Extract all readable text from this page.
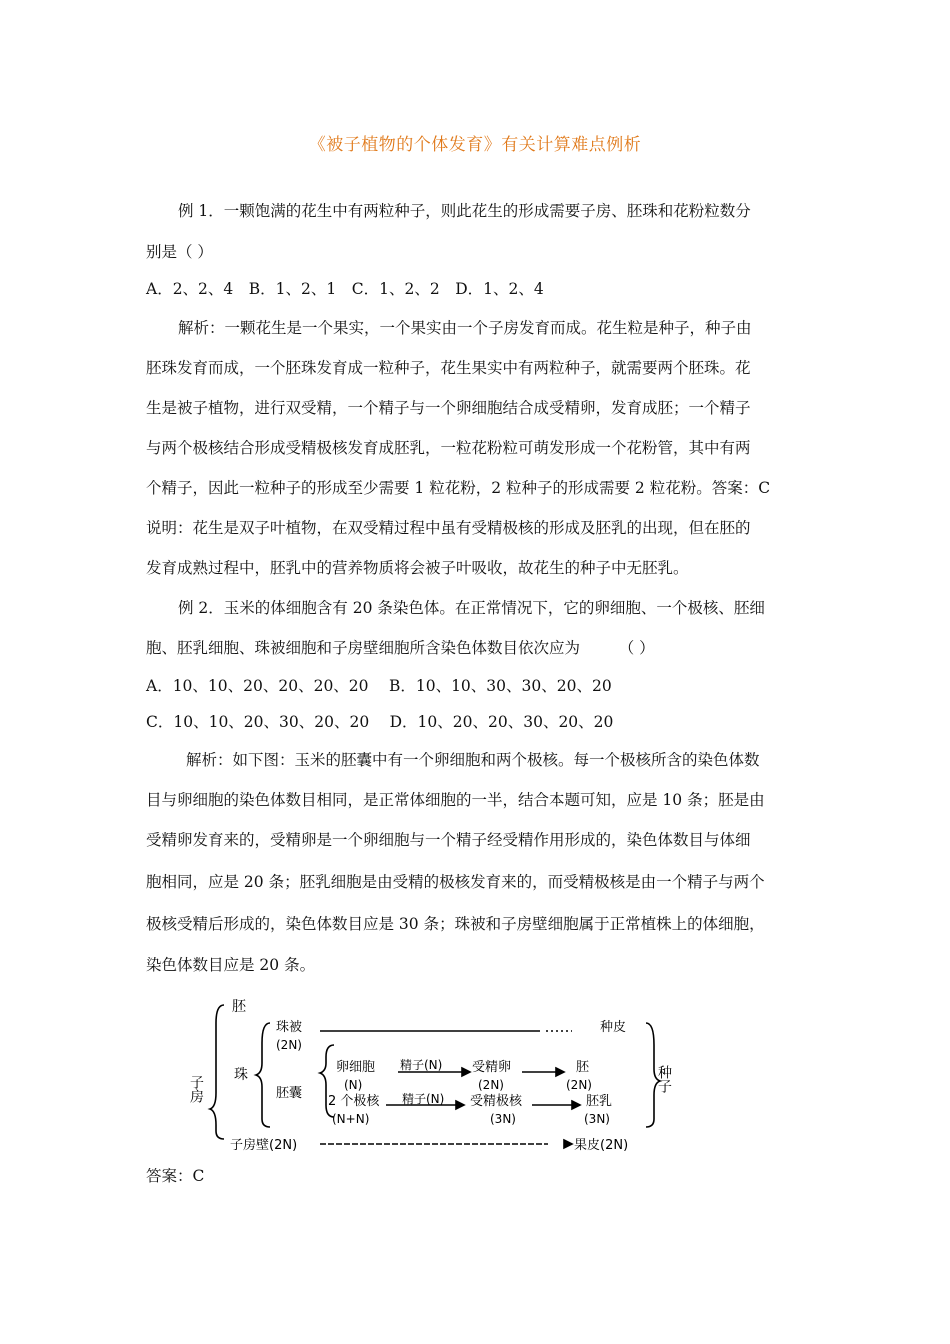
《被子植物的个体发育》有关计算难点例析
例 1．一颗饱满的花生中有两粒种子，则此花生的形成需要子房、胚珠和花粉粒数分
别是（ ）
A．2、2、4　B．1、2、1　C．1、2、2　D．1、2、4
解析：一颗花生是一个果实，一个果实由一个子房发育而成。花生粒是种子，种子由
胚珠发育而成，一个胚珠发育成一粒种子，花生果实中有两粒种子，就需要两个胚珠。花
生是被子植物，进行双受精，一个精子与一个卵细胞结合成受精卵，发育成胚；一个精子
与两个极核结合形成受精极核发育成胚乳，一粒花粉粒可萌发形成一个花粉管，其中有两
个精子，因此一粒种子的形成至少需要 1 粒花粉，2 粒种子的形成需要 2 粒花粉。答案：C
说明：花生是双子叶植物，在双受精过程中虽有受精极核的形成及胚乳的出现，但在胚的
发育成熟过程中，胚乳中的营养物质将会被子叶吸收，故花生的种子中无胚乳。
例 2．玉米的体细胞含有 20 条染色体。在正常情况下，它的卵细胞、一个极核、胚细
胞、胚乳细胞、珠被细胞和子房壁细胞所含染色体数目依次应为　　　（ ）
A．10、10、20、20、20、20　 B．10、10、30、30、20、20
C．10、10、20、30、20、20　 D．10、20、20、30、20、20
解析：如下图：玉米的胚囊中有一个卵细胞和两个极核。每一个极核所含的染色体数
目与卵细胞的染色体数目相同，是正常体细胞的一半，结合本题可知，应是 10 条；胚是由
受精卵发育来的，受精卵是一个卵细胞与一个精子经受精作用形成的，染色体数目与体细
胞相同，应是 20 条；胚乳细胞是由受精的极核发育来的，而受精极核是由一个精子与两个
极核受精后形成的，染色体数目应是 30 条；珠被和子房壁细胞属于正常植株上的体细胞，
染色体数目应是 20 条。
胚
子房 珠
珠被
(2N)
种皮
胚囊
卵细胞
(N)
精子(N) 受精卵
(2N)
胚
(2N)
2 个极核
(N+N)
精子(N) 受精极核
(3N)
胚乳
(3N)
种子
子房壁(2N)	果皮(2N)
答案：C
